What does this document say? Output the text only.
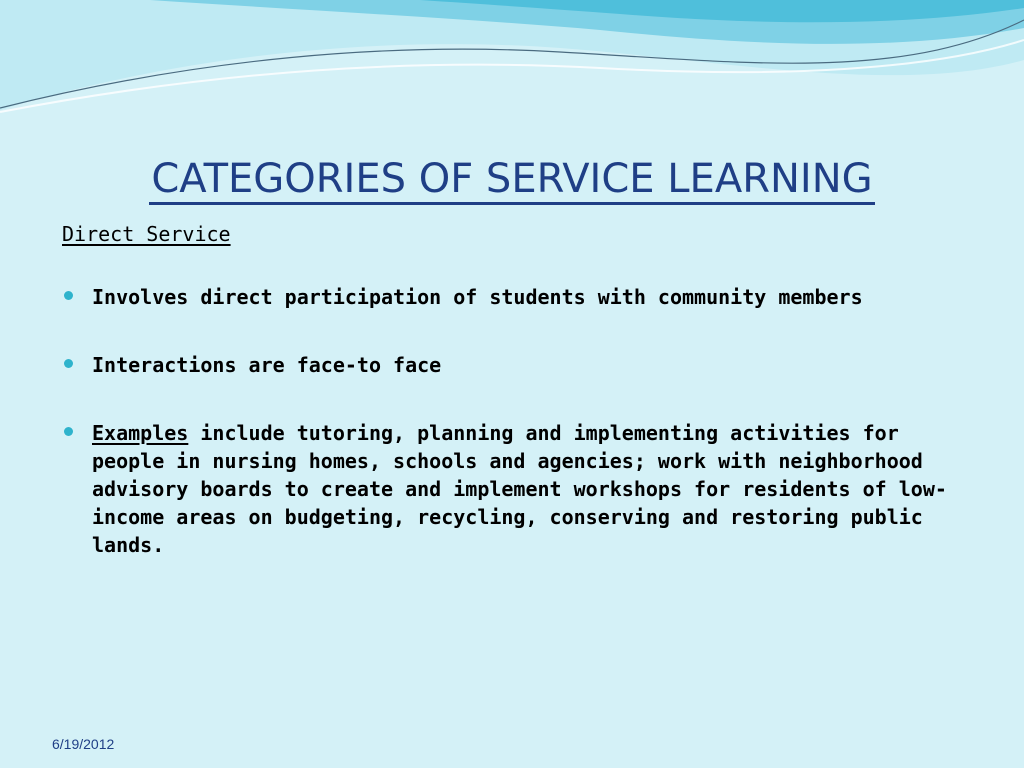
CATEGORIES OF SERVICE LEARNING
Direct Service
Involves direct participation of students with community members
Interactions are face-to face
Examples include tutoring, planning and implementing activities for people in nursing homes, schools and agencies; work with neighborhood advisory boards to create and implement workshops for residents of low-income areas on budgeting, recycling, conserving and restoring public lands.
6/19/2012
